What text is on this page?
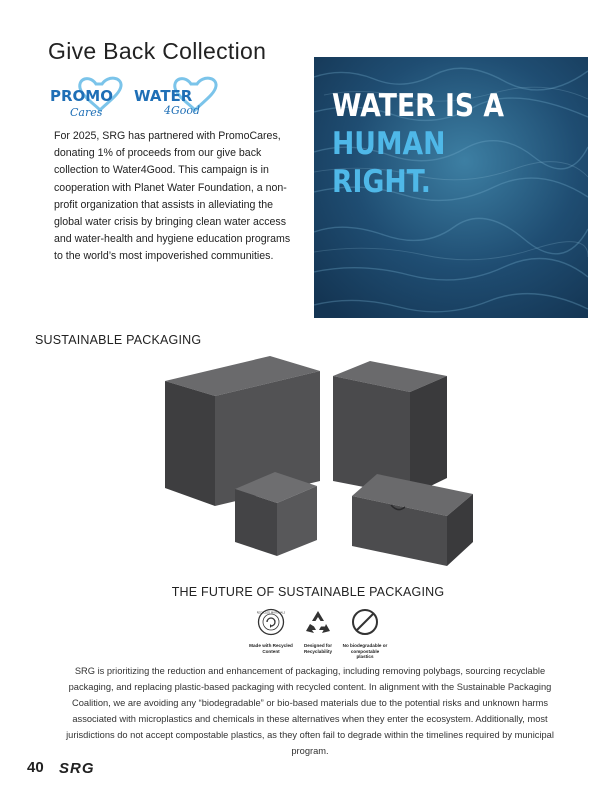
Give Back Collection
PROMO
Cares
WATER
4Good
For 2025, SRG has partnered with PromoCares, donating 1% of proceeds from our give back collection to Water4Good. This campaign is in cooperation with Planet Water Foundation, a non-profit organization that assists in alleviating the global water crisis by bringing clean water access and water-health and hygiene education programs to the world’s most impoverished communities.
WATER IS A
HUMAN
RIGHT.
SUSTAINABLE PACKAGING
THE FUTURE OF SUSTAINABLE PACKAGING
RECYCLED MATERIALS
Made with Recycled Content
Designed for Recyclability
No biodegradable or compostable plastics
SRG is prioritizing the reduction and enhancement of packaging, including removing polybags, sourcing recyclable packaging, and replacing plastic-based packaging with recycled content. In alignment with the Sustainable Packaging Coalition, we are avoiding any “biodegradable” or bio-based materials due to the potential risks and unknown harms associated with microplastics and chemicals in these alternatives when they enter the ecosystem. Additionally, most jurisdictions do not accept compostable plastics, as they often fail to degrade within the timelines required by municipal program.
40 SRG
